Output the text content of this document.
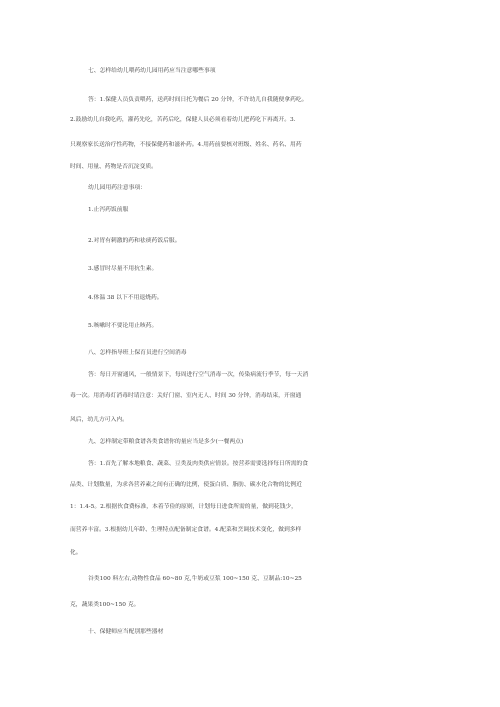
七、怎样给幼儿喂药幼儿园用药应当注意哪些事项
答：1.保健人员负责喂药，送药时间日托为餐后 20 分钟，不许幼儿自我随便拿药吃。
2.鼓励幼儿自我吃药，灌药先吃，苦药后吃，保健人员必须看着幼儿把药吃下再离开。3.
只观察家长送治疗性药物，不接保健药和滋补药。4.用药前要核对班级、姓名、药名、用药
时间、用量、药物是否沉淀变质。
幼儿园用药注意事项：
1.止泻药饭前服
2.对胃有刺激的药和祛痰药饭后服。
3.感冒时尽量不用抗生素。
4.体温 38 以下不用退烧药。
5.咳嗽时不要论用止咳药。
八、怎样指导班上保育员进行空间消毒
答：每日开窗通风，一般情景下，每周进行空气消毒一次，传染病流行季节，每一天消
毒一次。用消毒灯消毒时请注意：关好门窗、室内无人、时间 30 分钟，消毒结束，开窗通
风后，幼儿方可入内。
九、怎样制定带粮食谱各类食谱你的量应当是多少(一餐两点)
答：1.首先了解本地粮食、蔬菜、豆类及肉类供应情景。按营养需要选择每日所需的食
品类、计划数量，为求各营养素之间有正确的比例，使蛋白质、脂肪、碳水化合物的比例近
1：1.4-5。2.根据伙食费标准，本着节俭的原则，计划每日进食所需的量，做到花钱少，
而营养丰富。3.根据幼儿年龄、生理特点配备制定食谱。4.配菜和烹调技术变化，做到多样
化。
谷类100 料左右,动物性食品 60~80 克,牛奶或豆浆 100~150 克、豆制品:10~25
克，蔬果类100~150 克。
十、保健师应当配别那些器材
